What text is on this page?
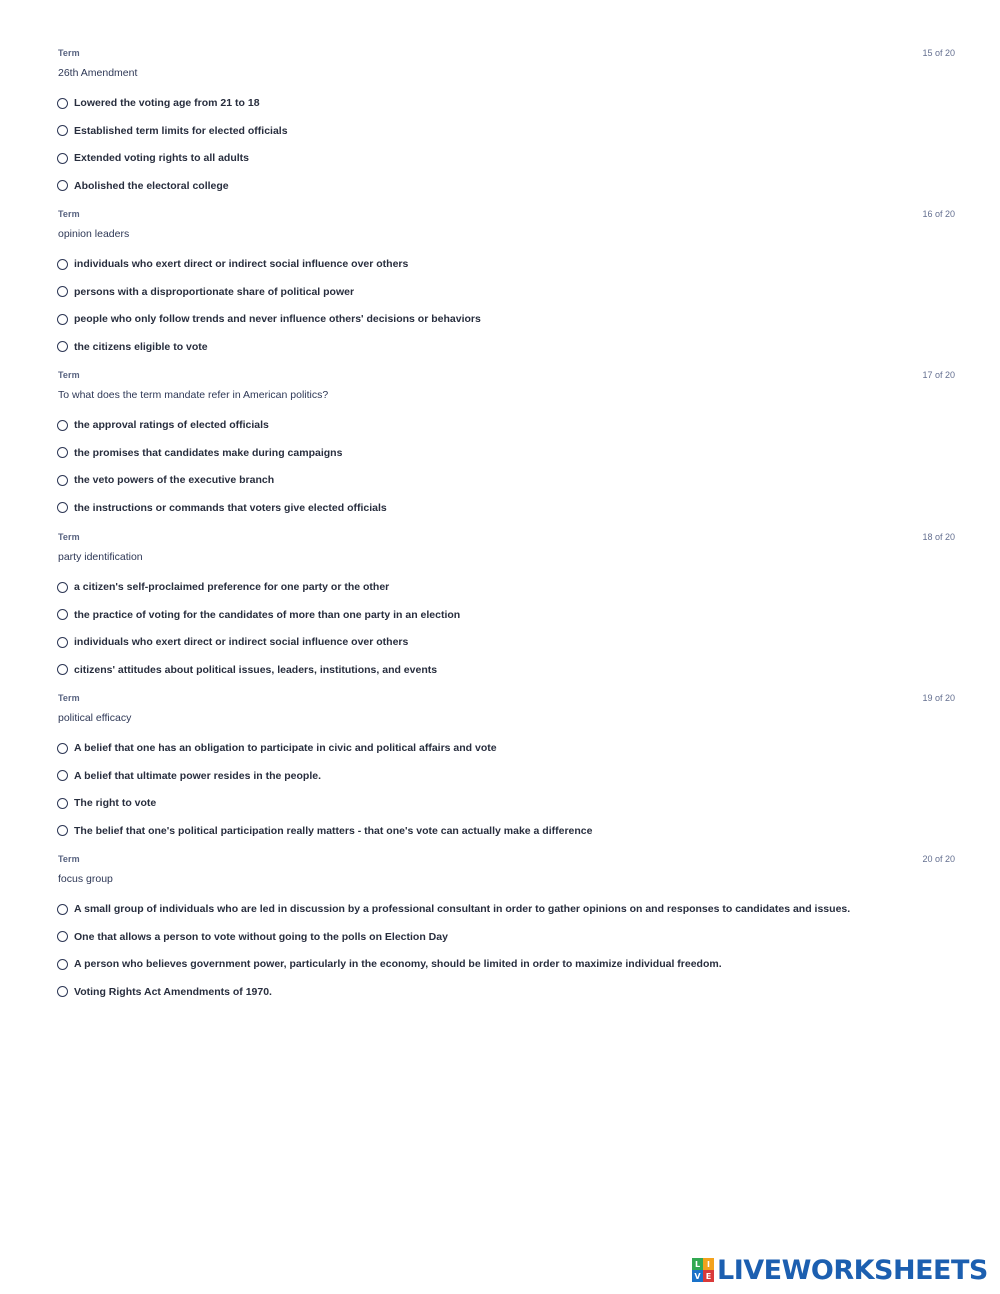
Term	15 of 20
26th Amendment
Lowered the voting age from 21 to 18
Established term limits for elected officials
Extended voting rights to all adults
Abolished the electoral college
Term	16 of 20
opinion leaders
individuals who exert direct or indirect social influence over others
persons with a disproportionate share of political power
people who only follow trends and never influence others' decisions or behaviors
the citizens eligible to vote
Term	17 of 20
To what does the term mandate refer in American politics?
the approval ratings of elected officials
the promises that candidates make during campaigns
the veto powers of the executive branch
the instructions or commands that voters give elected officials
Term	18 of 20
party identification
a citizen's self-proclaimed preference for one party or the other
the practice of voting for the candidates of more than one party in an election
individuals who exert direct or indirect social influence over others
citizens' attitudes about political issues, leaders, institutions, and events
Term	19 of 20
political efficacy
A belief that one has an obligation to participate in civic and political affairs and vote
A belief that ultimate power resides in the people.
The right to vote
The belief that one's political participation really matters - that one's vote can actually make a difference
Term	20 of 20
focus group
A small group of individuals who are led in discussion by a professional consultant in order to gather opinions on and responses to candidates and issues.
One that allows a person to vote without going to the polls on Election Day
A person who believes government power, particularly in the economy, should be limited in order to maximize individual freedom.
Voting Rights Act Amendments of 1970.
L I
V E LIVEWORKSHEETS
